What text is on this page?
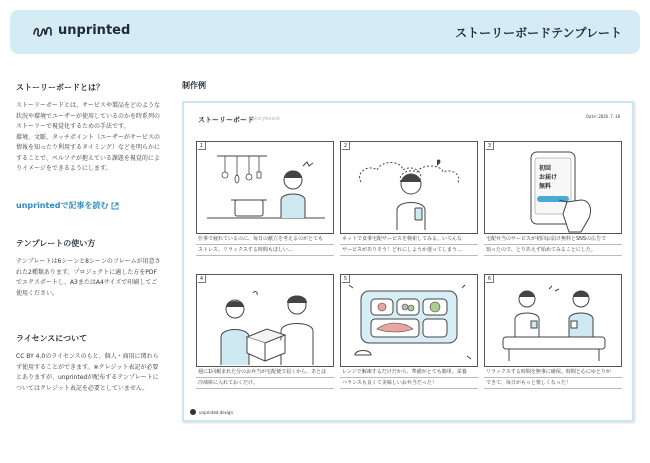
unprinted	ストーリーボードテンプレート
ストーリーボードとは？

ストーリーボードとは、サービスや製品をどのような

状況や環境でユーザーが使用しているのかを時系列の

ストーリーで視覚化するための手法です。

環境、文脈、タッチポイント（ユーザーがサービスの

情報を知ったり利用するタイミング）などを明らかに

することで、ペルソナが抱えている課題を視覚的によ

りイメージをできるようにします。

unprintedで記事を読む
テンプレートの使い方

テンプレートは6シーンと8シーンのフレームが用意さ

れた2種類あります。プロジェクトに適した方をPDF

でエクスポートし、A3またはA4サイズで印刷してご

使用ください。

ライセンスについて

CC BY 4.0のライセンスのもと、個人・商用に関わら

ず使用することができます。※クレジット表記が必要

とありますが、unprintedが配布するテンプレートに

ついてはクレジット表記を必要としていません。

制作例
ストーリーボード
Storyboard	Date:2020.7.10
1
仕事で疲れているのに、毎日の献立を考えるのがとても
ストレス。リラックスする時間もほしい…
2
ネットで食事宅配サービスを検索してみる。いろんな
サービスがありそう！どれにしようか迷ってしまう…
初回
お届け
無料
3
宅配弁当のサービスが初回お届け無料とSNSの広告で
知ったので、とりあえず始めてみることにした。
4
週に1回頼まれた分のお弁当が宅配便で届くから、あとは
冷凍庫に入れておくだけ。
5
レンジで解凍するだけだから、準備がとても簡単。栄養
バランスも良くて美味しいお弁当だった！
6
リラックスする時間を無事に確保。時間と心にゆとりが
できて、毎日がもっと楽しくなった！
unprinted.design
